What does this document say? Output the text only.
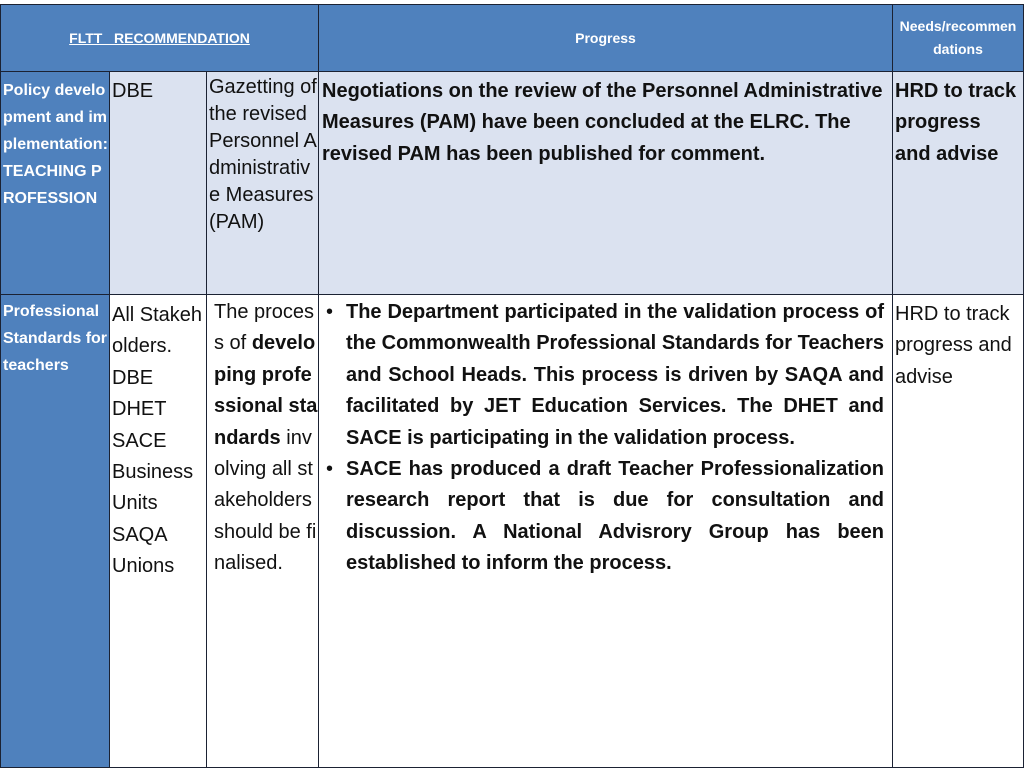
FLTT   RECOMMENDATION	Progress
Needs/recommendations
Policy development and implementation: TEACHING PROFESSION
DBE	Gazetting of the revised Personnel Administrative Measures (PAM)
Negotiations on the review of the Personnel Administrative Measures (PAM) have been concluded at the ELRC. The revised PAM has been published for comment.
HRD to track progress and advise
Professional Standards for teachers
All Stakeholders.
DBE
DHET
SACE
Business Units
SAQA
Unions
The process of developing professional standards involving all stakeholders should be finalised.
• The Department participated in the validation process of the Commonwealth Professional Standards for Teachers and School Heads. This process is driven by SAQA and facilitated by JET Education Services. The DHET and SACE is participating in the validation process.
• SACE has produced a draft Teacher Professionalization research report that is due for consultation and discussion. A National Advisrory Group has been established to inform the process.
HRD to track progress and advise
